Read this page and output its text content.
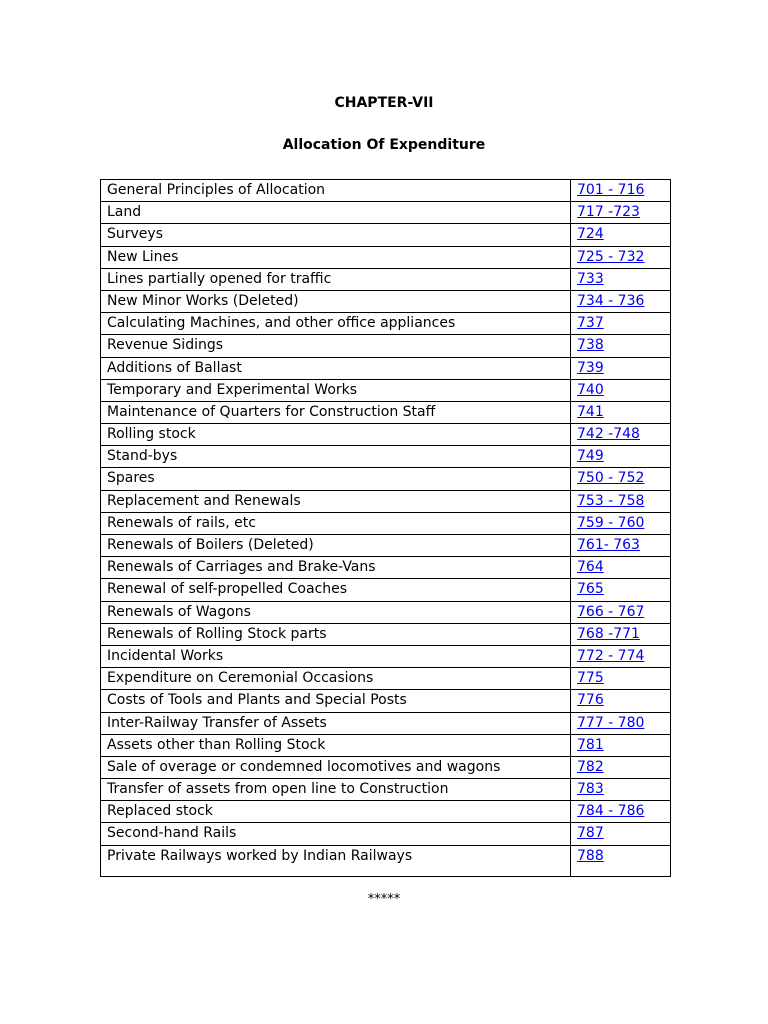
CHAPTER-VII
Allocation Of Expenditure
General Principles of Allocation	701 - 716
Land	717 -723
Surveys	724
New Lines	725 - 732
Lines partially opened for traffic	733
New Minor Works (Deleted)	734 - 736
Calculating Machines, and other office appliances	737
Revenue Sidings	738
Additions of Ballast	739
Temporary and Experimental Works	740
Maintenance of Quarters for Construction Staff	741
Rolling stock	742 -748
Stand-bys	749
Spares	750 - 752
Replacement and Renewals	753 - 758
Renewals of rails, etc	759 - 760
Renewals of Boilers (Deleted)	761- 763
Renewals of Carriages and Brake-Vans	764
Renewal of self-propelled Coaches	765
Renewals of Wagons	766 - 767
Renewals of Rolling Stock parts	768 -771
Incidental Works	772 - 774
Expenditure on Ceremonial Occasions	775
Costs of Tools and Plants and Special Posts	776
Inter-Railway Transfer of Assets	777 - 780
Assets other than Rolling Stock	781
Sale of overage or condemned locomotives and wagons	782
Transfer of assets from open line to Construction	783
Replaced stock	784 - 786
Second-hand Rails	787
Private Railways worked by Indian Railways	788
*****
